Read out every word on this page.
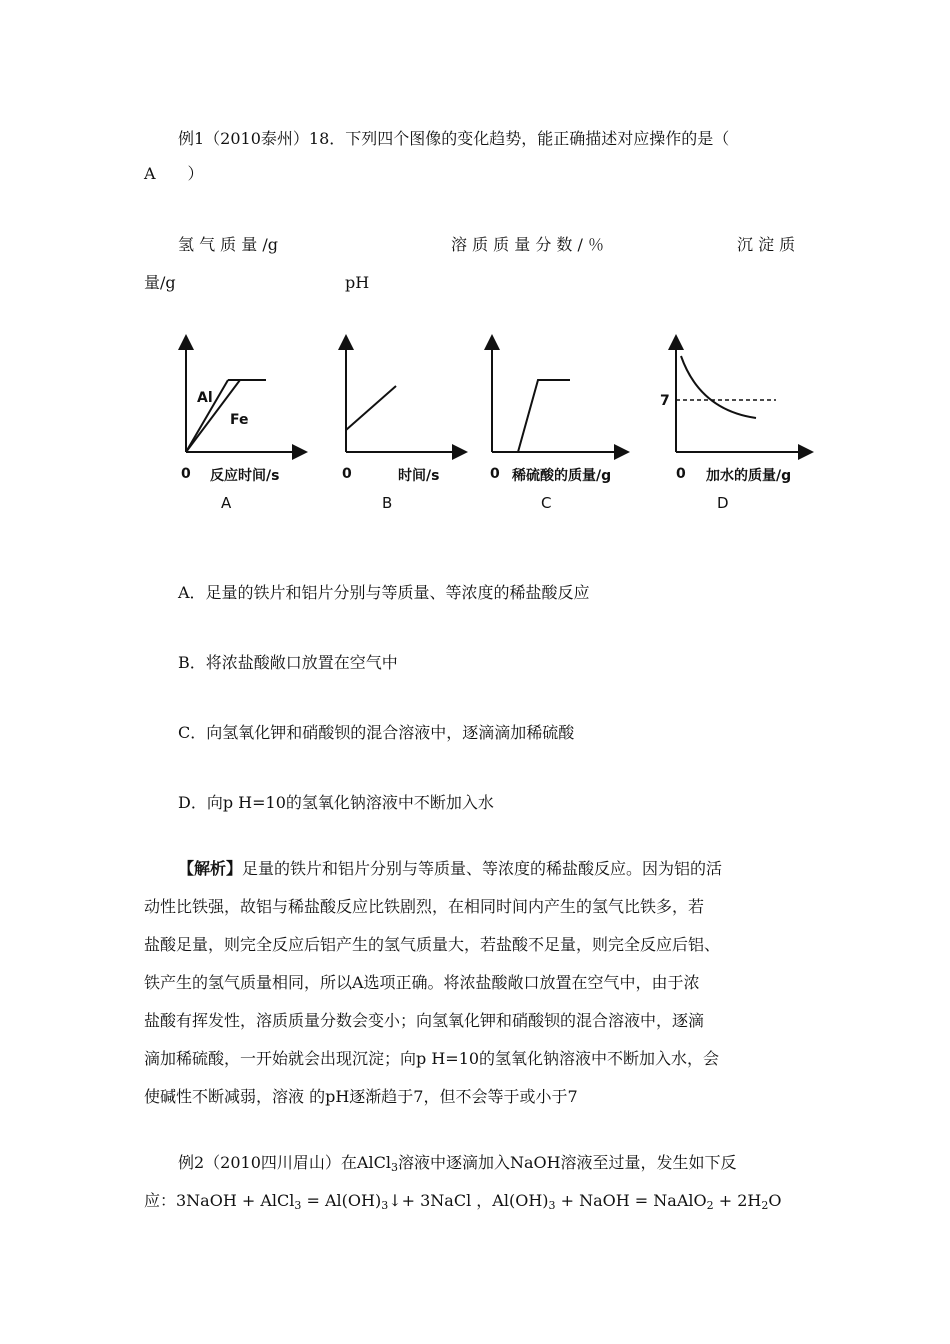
例1（2010泰州）18．下列四个图像的变化趋势，能正确描述对应操作的是（
A　　）
氢 气 质 量 /g	溶 质 质 量 分 数 / ％	沉 淀 质
量/g	pH
Al
Fe
7
0 反应时间/s	0	时间/s	0 稀硫酸的质量/g	0 加水的质量/g
A	B	C	D
A．足量的铁片和铝片分别与等质量、等浓度的稀盐酸反应
B．将浓盐酸敞口放置在空气中
C．向氢氧化钾和硝酸钡的混合溶液中，逐滴滴加稀硫酸
D．向p H=10的氢氧化钠溶液中不断加入水
【解析】足量的铁片和铝片分别与等质量、等浓度的稀盐酸反应。因为铝的活
动性比铁强，故铝与稀盐酸反应比铁剧烈，在相同时间内产生的氢气比铁多，若
盐酸足量，则完全反应后铝产生的氢气质量大，若盐酸不足量，则完全反应后铝、
铁产生的氢气质量相同，所以A选项正确。将浓盐酸敞口放置在空气中，由于浓
盐酸有挥发性，溶质质量分数会变小；向氢氧化钾和硝酸钡的混合溶液中，逐滴
滴加稀硫酸，一开始就会出现沉淀；向p H=10的氢氧化钠溶液中不断加入水，会
使碱性不断减弱，溶液 的pH逐渐趋于7，但不会等于或小于7
例2（2010四川眉山）在AlCl$_3$溶液中逐滴加入NaOH溶液至过量，发生如下反
应：3NaOH + AlCl$_3$ = $Al(OH)_3↓+$ 3NaCl ，$Al(OH)_3$ + NaOH = NaAlO$_2$ + $2H_2O$
